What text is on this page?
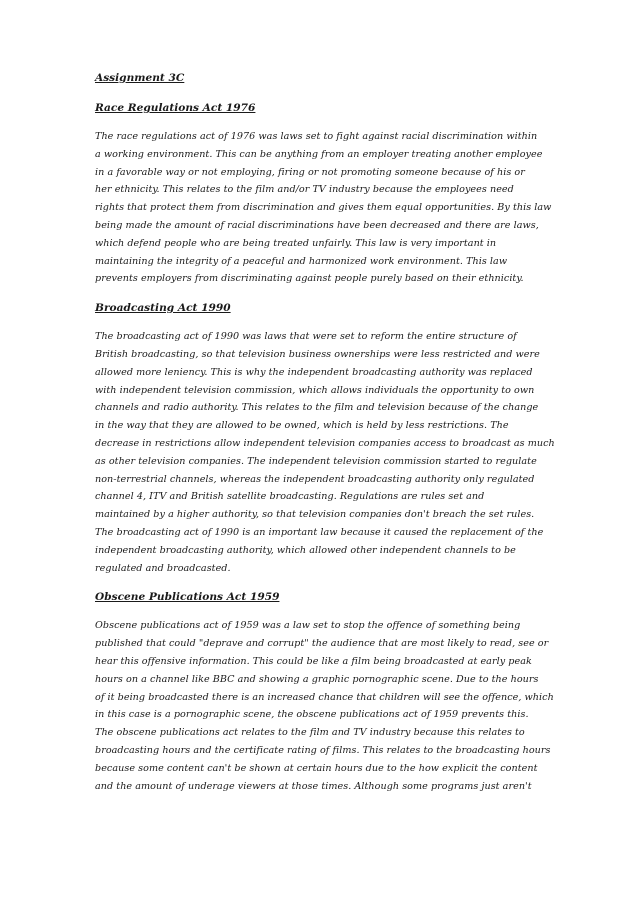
Assignment 3C
Race Regulations Act 1976
The race regulations act of 1976 was laws set to fight against racial discrimination within
a working environment. This can be anything from an employer treating another employee
in a favorable way or not employing, firing or not promoting someone because of his or
her ethnicity. This relates to the film and/or TV industry because the employees need
rights that protect them from discrimination and gives them equal opportunities. By this law
being made the amount of racial discriminations have been decreased and there are laws,
which defend people who are being treated unfairly. This law is very important in
maintaining the integrity of a peaceful and harmonized work environment. This law
prevents employers from discriminating against people purely based on their ethnicity.
Broadcasting Act 1990
The broadcasting act of 1990 was laws that were set to reform the entire structure of
British broadcasting, so that television business ownerships were less restricted and were
allowed more leniency. This is why the independent broadcasting authority was replaced
with independent television commission, which allows individuals the opportunity to own
channels and radio authority. This relates to the film and television because of the change
in the way that they are allowed to be owned, which is held by less restrictions. The
decrease in restrictions allow independent television companies access to broadcast as much
as other television companies. The independent television commission started to regulate
non-terrestrial channels, whereas the independent broadcasting authority only regulated
channel 4, ITV and British satellite broadcasting. Regulations are rules set and
maintained by a higher authority, so that television companies don't breach the set rules.
The broadcasting act of 1990 is an important law because it caused the replacement of the
independent broadcasting authority, which allowed other independent channels to be
regulated and broadcasted.
Obscene Publications Act 1959
Obscene publications act of 1959 was a law set to stop the offence of something being
published that could "deprave and corrupt" the audience that are most likely to read, see or
hear this offensive information. This could be like a film being broadcasted at early peak
hours on a channel like BBC and showing a graphic pornographic scene. Due to the hours
of it being broadcasted there is an increased chance that children will see the offence, which
in this case is a pornographic scene, the obscene publications act of 1959 prevents this.
The obscene publications act relates to the film and TV industry because this relates to
broadcasting hours and the certificate rating of films. This relates to the broadcasting hours
because some content can't be shown at certain hours due to the how explicit the content
and the amount of underage viewers at those times. Although some programs just aren't
